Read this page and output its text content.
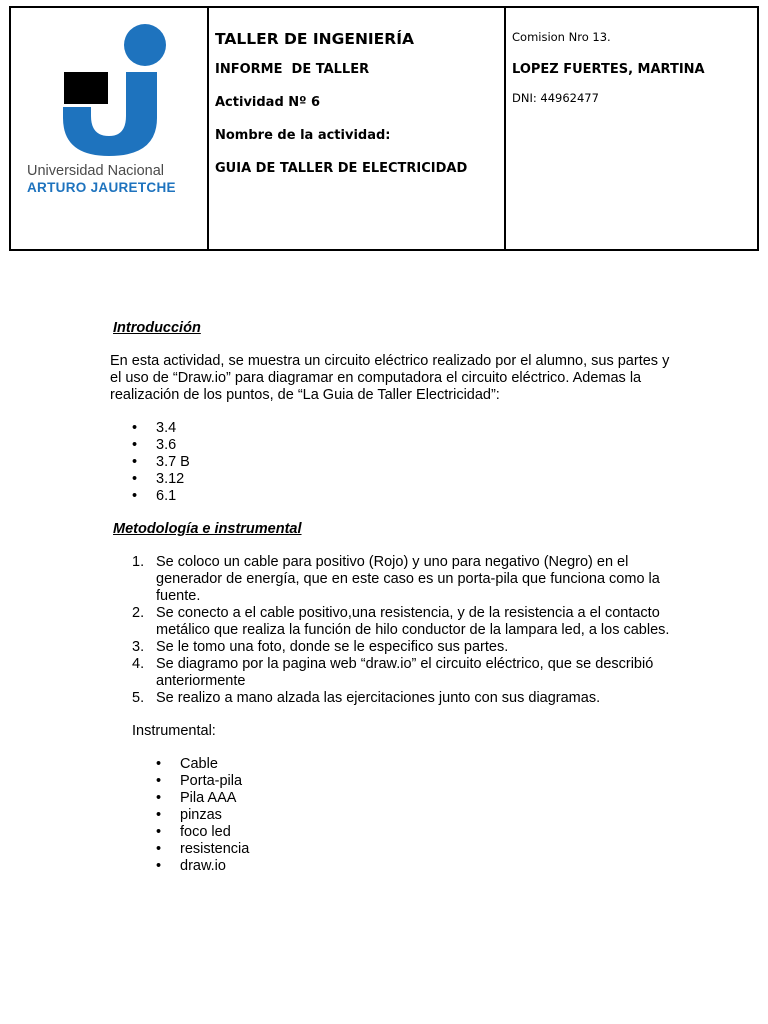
Universidad Nacional
ARTURO JAURETCHE

TALLER DE INGENIERÍA

INFORME  DE TALLER

Actividad Nº 6

Nombre de la actividad:

GUIA DE TALLER DE ELECTRICIDAD

Comision Nro 13.

LOPEZ FUERTES, MARTINA

DNI: 44962477

Introducción

En esta actividad, se muestra un circuito eléctrico realizado por el alumno, sus partes y el uso de “Draw.io” para diagramar en computadora el circuito eléctrico. Ademas la realización de los puntos, de “La Guia de Taller Electricidad”:

• 3.4
• 3.6
• 3.7 B
• 3.12
• 6.1
Metodología e instrumental
1. Se coloco un cable para positivo (Rojo) y uno para negativo (Negro) en el generador de energía, que en este caso es un porta-pila que funciona como la fuente.
2. Se conecto a el cable positivo,una resistencia, y de la resistencia a el contacto metálico que realiza la función de hilo conductor de la lampara led, a los cables.
3. Se le tomo una foto, donde se le especifico sus partes.
4. Se diagramo por la pagina web “draw.io” el circuito eléctrico, que se describió anteriormente
5. Se realizo a mano alzada las ejercitaciones junto con sus diagramas.
Instrumental:
• Cable
• Porta-pila
• Pila AAA
• pinzas
• foco led
• resistencia
• draw.io
